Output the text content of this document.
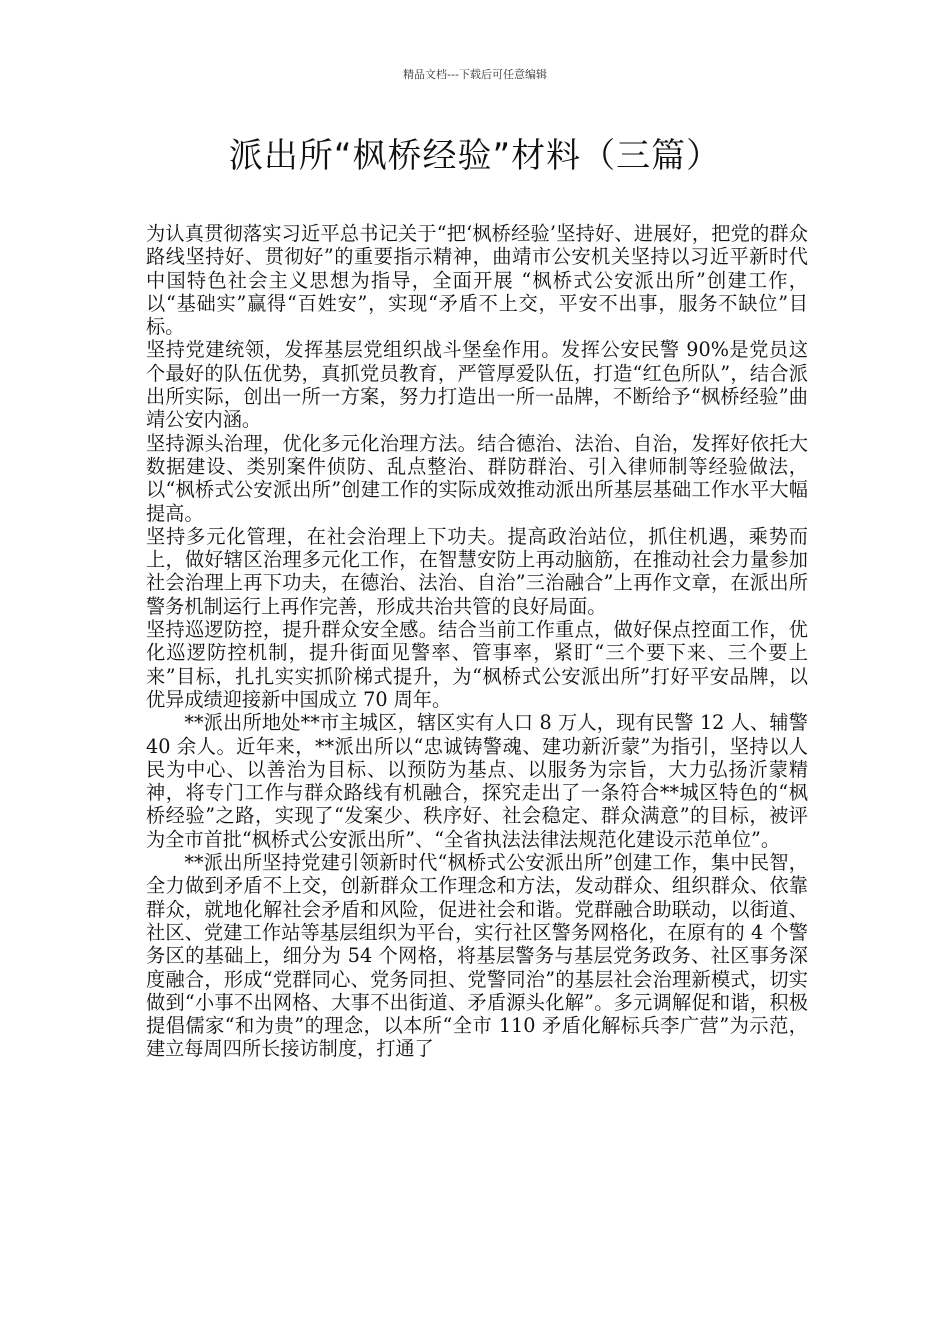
精品文档---下载后可任意编辑
派出所“枫桥经验”材料（三篇）

为认真贯彻落实习近平总书记关于“把‘枫桥经验’坚持好、进展好，把党的群众路线坚持好、贯彻好”的重要指示精神，曲靖市公安机关坚持以习近平新时代中国特色社会主义思想为指导，全面开展 “枫桥式公安派出所”创建工作，以“基础实”赢得“百姓安”，实现“矛盾不上交，平安不出事，服务不缺位”目标。

坚持党建统领，发挥基层党组织战斗堡垒作用。发挥公安民警 90%是党员这个最好的队伍优势，真抓党员教育，严管厚爱队伍，打造“红色所队”，结合派出所实际，创出一所一方案，努力打造出一所一品牌，不断给予“枫桥经验”曲靖公安内涵。

坚持源头治理，优化多元化治理方法。结合德治、法治、自治，发挥好依托大数据建设、类别案件侦防、乱点整治、群防群治、引入律师制等经验做法，以“枫桥式公安派出所”创建工作的实际成效推动派出所基层基础工作水平大幅提高。

坚持多元化管理，在社会治理上下功夫。提高政治站位，抓住机遇，乘势而上，做好辖区治理多元化工作，在智慧安防上再动脑筋，在推动社会力量参加社会治理上再下功夫，在德治、法治、自治”三治融合”上再作文章，在派出所警务机制运行上再作完善，形成共治共管的良好局面。

坚持巡逻防控，提升群众安全感。结合当前工作重点，做好保点控面工作，优化巡逻防控机制，提升街面见警率、管事率，紧盯“三个要下来、三个要上来”目标，扎扎实实抓阶梯式提升，为“枫桥式公安派出所”打好平安品牌，以优异成绩迎接新中国成立 70 周年。

**派出所地处**市主城区，辖区实有人口 8 万人，现有民警 12 人、辅警 40 余人。近年来，**派出所以“忠诚铸警魂、建功新沂蒙”为指引，坚持以人民为中心、以善治为目标、以预防为基点、以服务为宗旨，大力弘扬沂蒙精神，将专门工作与群众路线有机融合，探究走出了一条符合**城区特色的“枫桥经验”之路，实现了“发案少、秩序好、社会稳定、群众满意”的目标，被评为全市首批“枫桥式公安派出所”、“全省执法法律法规范化建设示范单位”。

**派出所坚持党建引领新时代“枫桥式公安派出所”创建工作，集中民智，全力做到矛盾不上交，创新群众工作理念和方法，发动群众、组织群众、依靠群众，就地化解社会矛盾和风险，促进社会和谐。党群融合助联动，以街道、社区、党建工作站等基层组织为平台，实行社区警务网格化，在原有的 4 个警务区的基础上，细分为 54 个网格，将基层警务与基层党务政务、社区事务深度融合，形成“党群同心、党务同担、党警同治”的基层社会治理新模式，切实做到“小事不出网格、大事不出街道、矛盾源头化解”。多元调解促和谐，积极提倡儒家“和为贵”的理念，以本所“全市 110 矛盾化解标兵李广营”为示范，建立每周四所长接访制度，打通了
